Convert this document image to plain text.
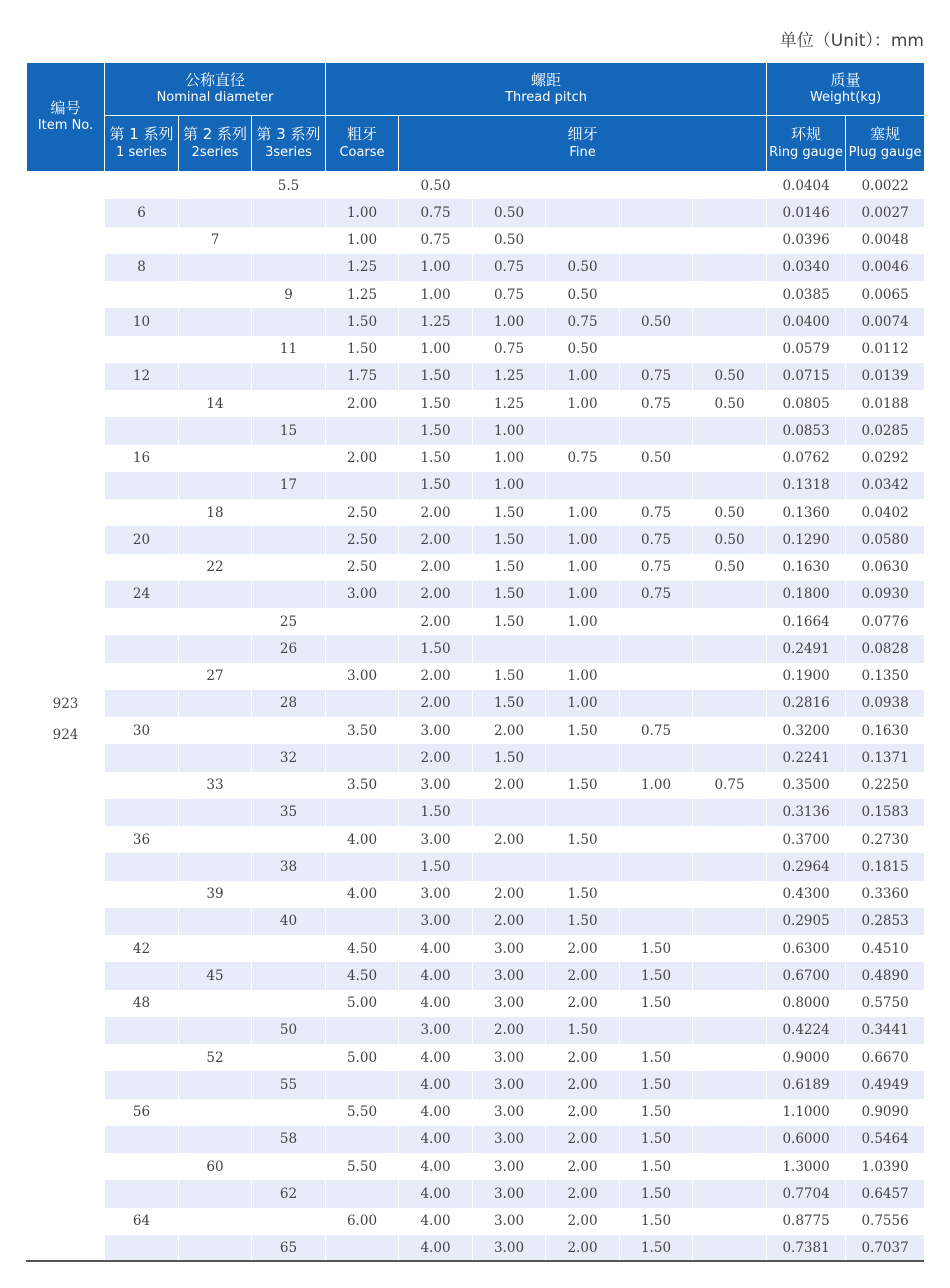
单位（Unit）：mm
编号
Item No.	公称直径
Nominal diameter			螺距
Thread pitch						质量
Weight(kg)	

	第 1 系列
1 series	第 2 系列
2series	第 3 系列
3series	粗牙
Coarse	细牙
Fine					环规
Ring gauge	塞规
Plug gauge

923
924			5.5		0.50					0.0404	0.0022
	6			1.00	0.75	0.50				0.0146	0.0027
		7		1.00	0.75	0.50				0.0396	0.0048
	8			1.25	1.00	0.75	0.50			0.0340	0.0046
			9	1.25	1.00	0.75	0.50			0.0385	0.0065
	10			1.50	1.25	1.00	0.75	0.50		0.0400	0.0074
			11	1.50	1.00	0.75	0.50			0.0579	0.0112
	12			1.75	1.50	1.25	1.00	0.75	0.50	0.0715	0.0139
		14		2.00	1.50	1.25	1.00	0.75	0.50	0.0805	0.0188
			15		1.50	1.00				0.0853	0.0285
	16			2.00	1.50	1.00	0.75	0.50		0.0762	0.0292
			17		1.50	1.00				0.1318	0.0342
		18		2.50	2.00	1.50	1.00	0.75	0.50	0.1360	0.0402
	20			2.50	2.00	1.50	1.00	0.75	0.50	0.1290	0.0580
		22		2.50	2.00	1.50	1.00	0.75	0.50	0.1630	0.0630
	24			3.00	2.00	1.50	1.00	0.75		0.1800	0.0930
			25		2.00	1.50	1.00			0.1664	0.0776
			26		1.50					0.2491	0.0828
		27		3.00	2.00	1.50	1.00			0.1900	0.1350
			28		2.00	1.50	1.00			0.2816	0.0938
	30			3.50	3.00	2.00	1.50	0.75		0.3200	0.1630
			32		2.00	1.50				0.2241	0.1371
		33		3.50	3.00	2.00	1.50	1.00	0.75	0.3500	0.2250
			35		1.50					0.3136	0.1583
	36			4.00	3.00	2.00	1.50			0.3700	0.2730
			38		1.50					0.2964	0.1815
		39		4.00	3.00	2.00	1.50			0.4300	0.3360
			40		3.00	2.00	1.50			0.2905	0.2853
	42			4.50	4.00	3.00	2.00	1.50		0.6300	0.4510
		45		4.50	4.00	3.00	2.00	1.50		0.6700	0.4890
	48			5.00	4.00	3.00	2.00	1.50		0.8000	0.5750
			50		3.00	2.00	1.50			0.4224	0.3441
		52		5.00	4.00	3.00	2.00	1.50		0.9000	0.6670
			55		4.00	3.00	2.00	1.50		0.6189	0.4949
	56			5.50	4.00	3.00	2.00	1.50		1.1000	0.9090
			58		4.00	3.00	2.00	1.50		0.6000	0.5464
		60		5.50	4.00	3.00	2.00	1.50		1.3000	1.0390
			62		4.00	3.00	2.00	1.50		0.7704	0.6457
	64			6.00	4.00	3.00	2.00	1.50		0.8775	0.7556
			65		4.00	3.00	2.00	1.50		0.7381	0.7037
